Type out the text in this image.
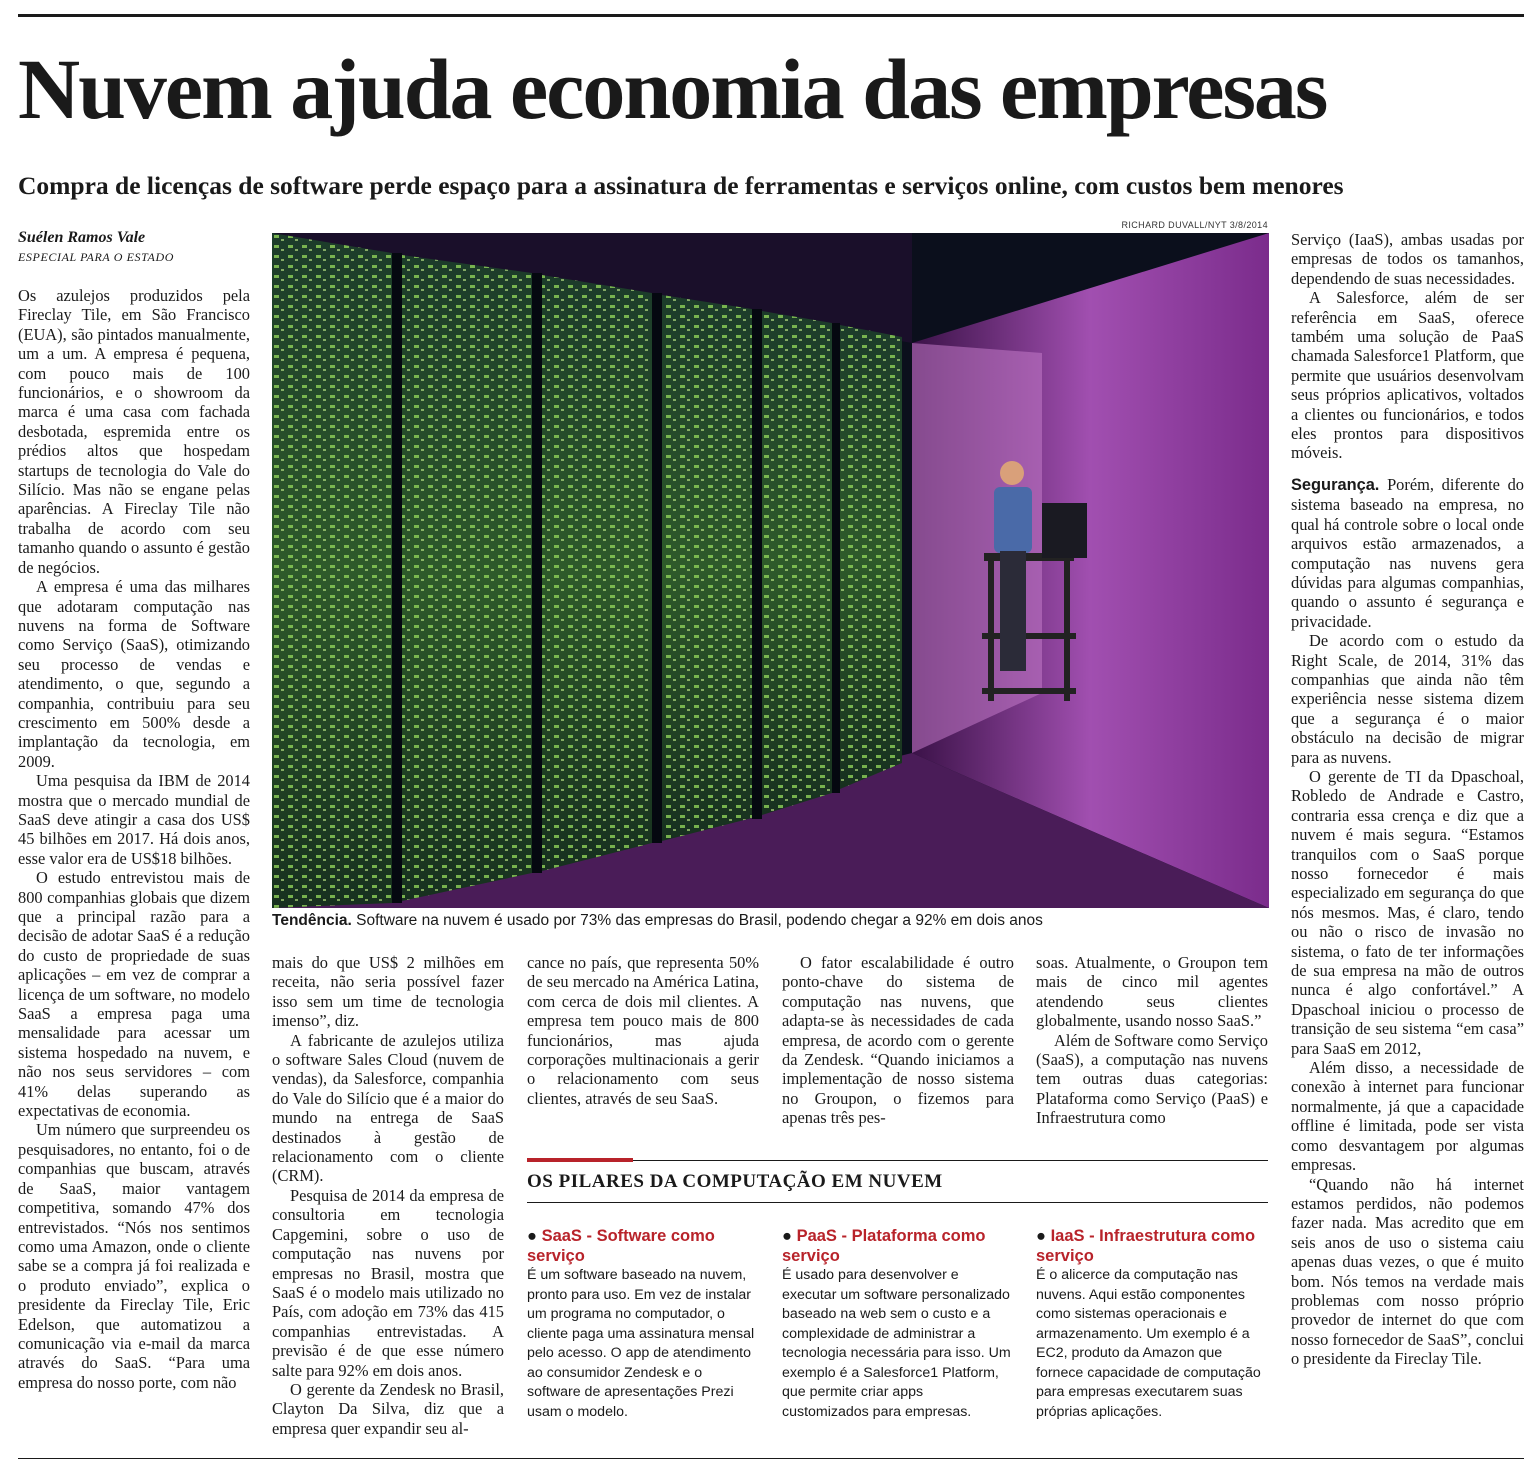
Nuvem ajuda economia das empresas
Compra de licenças de software perde espaço para a assinatura de ferramentas e serviços online, com custos bem menores
Suélen Ramos Vale
ESPECIAL PARA O ESTADO

Os azulejos produzidos pela Fireclay Tile, em São Francisco (EUA), são pintados manualmente, um a um. A empresa é pequena, com pouco mais de 100 funcionários, e o showroom da marca é uma casa com fachada desbotada, espremida entre os prédios altos que hospedam startups de tecnologia do Vale do Silício. Mas não se engane pelas aparências. A Fireclay Tile não trabalha de acordo com seu tamanho quando o assunto é gestão de negócios.

A empresa é uma das milhares que adotaram computação nas nuvens na forma de Software como Serviço (SaaS), otimizando seu processo de vendas e atendimento, o que, segundo a companhia, contribuiu para seu crescimento em 500% desde a implantação da tecnologia, em 2009.

Uma pesquisa da IBM de 2014 mostra que o mercado mundial de SaaS deve atingir a casa dos US$ 45 bilhões em 2017. Há dois anos, esse valor era de US$18 bilhões.

O estudo entrevistou mais de 800 companhias globais que dizem que a principal razão para a decisão de adotar SaaS é a redução do custo de propriedade de suas aplicações – em vez de comprar a licença de um software, no modelo SaaS a empresa paga uma mensalidade para acessar um sistema hospedado na nuvem, e não nos seus servidores – com 41% delas superando as expectativas de economia.

Um número que surpreendeu os pesquisadores, no entanto, foi o de companhias que buscam, através de SaaS, maior vantagem competitiva, somando 47% dos entrevistados. “Nós nos sentimos como uma Amazon, onde o cliente sabe se a compra já foi realizada e o produto enviado”, explica o presidente da Fireclay Tile, Eric Edelson, que automatizou a comunicação via e-mail da marca através do SaaS. “Para uma empresa do nosso porte, com não

RICHARD DUVALL/NYT 3/8/2014

Tendência. Software na nuvem é usado por 73% das empresas do Brasil, podendo chegar a 92% em dois anos

mais do que US$ 2 milhões em receita, não seria possível fazer isso sem um time de tecnologia imenso”, diz.

A fabricante de azulejos utiliza o software Sales Cloud (nuvem de vendas), da Salesforce, companhia do Vale do Silício que é a maior do mundo na entrega de SaaS destinados à gestão de relacionamento com o cliente (CRM).

Pesquisa de 2014 da empresa de consultoria em tecnologia Capgemini, sobre o uso de computação nas nuvens por empresas no Brasil, mostra que SaaS é o modelo mais utilizado no País, com adoção em 73% das 415 companhias entrevistadas. A previsão é de que esse número salte para 92% em dois anos.

O gerente da Zendesk no Brasil, Clayton Da Silva, diz que a empresa quer expandir seu al-

cance no país, que representa 50% de seu mercado na América Latina, com cerca de dois mil clientes. A empresa tem pouco mais de 800 funcionários, mas ajuda corporações multinacionais a gerir o relacionamento com seus clientes, através de seu SaaS.

O fator escalabilidade é outro ponto-chave do sistema de computação nas nuvens, que adapta-se às necessidades de cada empresa, de acordo com o gerente da Zendesk. “Quando iniciamos a implementação de nosso sistema no Groupon, o fizemos para apenas três pes-

soas. Atualmente, o Groupon tem mais de cinco mil agentes atendendo seus clientes globalmente, usando nosso SaaS.”

Além de Software como Serviço (SaaS), a computação nas nuvens tem outras duas categorias: Plataforma como Serviço (PaaS) e Infraestrutura como

Serviço (IaaS), ambas usadas por empresas de todos os tamanhos, dependendo de suas necessidades.

A Salesforce, além de ser referência em SaaS, oferece também uma solução de PaaS chamada Salesforce1 Platform, que permite que usuários desenvolvam seus próprios aplicativos, voltados a clientes ou funcionários, e todos eles prontos para dispositivos móveis.

Segurança. Porém, diferente do sistema baseado na empresa, no qual há controle sobre o local onde arquivos estão armazenados, a computação nas nuvens gera dúvidas para algumas companhias, quando o assunto é segurança e privacidade.

De acordo com o estudo da Right Scale, de 2014, 31% das companhias que ainda não têm experiência nesse sistema dizem que a segurança é o maior obstáculo na decisão de migrar para as nuvens.

O gerente de TI da Dpaschoal, Robledo de Andrade e Castro, contraria essa crença e diz que a nuvem é mais segura. “Estamos tranquilos com o SaaS porque nosso fornecedor é mais especializado em segurança do que nós mesmos. Mas, é claro, tendo ou não o risco de invasão no sistema, o fato de ter informações de sua empresa na mão de outros nunca é algo confortável.” A Dpaschoal iniciou o processo de transição de seu sistema “em casa” para SaaS em 2012,

Além disso, a necessidade de conexão à internet para funcionar normalmente, já que a capacidade offline é limitada, pode ser vista como desvantagem por algumas empresas.

“Quando não há internet estamos perdidos, não podemos fazer nada. Mas acredito que em seis anos de uso o sistema caiu apenas duas vezes, o que é muito bom. Nós temos na verdade mais problemas com nosso próprio provedor de internet do que com nosso fornecedor de SaaS”, conclui o presidente da Fireclay Tile.

OS PILARES DA COMPUTAÇÃO EM NUVEM
● SaaS - Software como serviço

É um software baseado na nuvem, pronto para uso. Em vez de instalar um programa no computador, o cliente paga uma assinatura mensal pelo acesso. O app de atendimento ao consumidor Zendesk e o software de apresentações Prezi usam o modelo.

● PaaS - Plataforma como serviço

É usado para desenvolver e executar um software personalizado baseado na web sem o custo e a complexidade de administrar a tecnologia necessária para isso. Um exemplo é a Salesforce1 Platform, que permite criar apps customizados para empresas.

● IaaS - Infraestrutura como serviço

É o alicerce da computação nas nuvens. Aqui estão componentes como sistemas operacionais e armazenamento. Um exemplo é a EC2, produto da Amazon que fornece capacidade de computação para empresas executarem suas próprias aplicações.
